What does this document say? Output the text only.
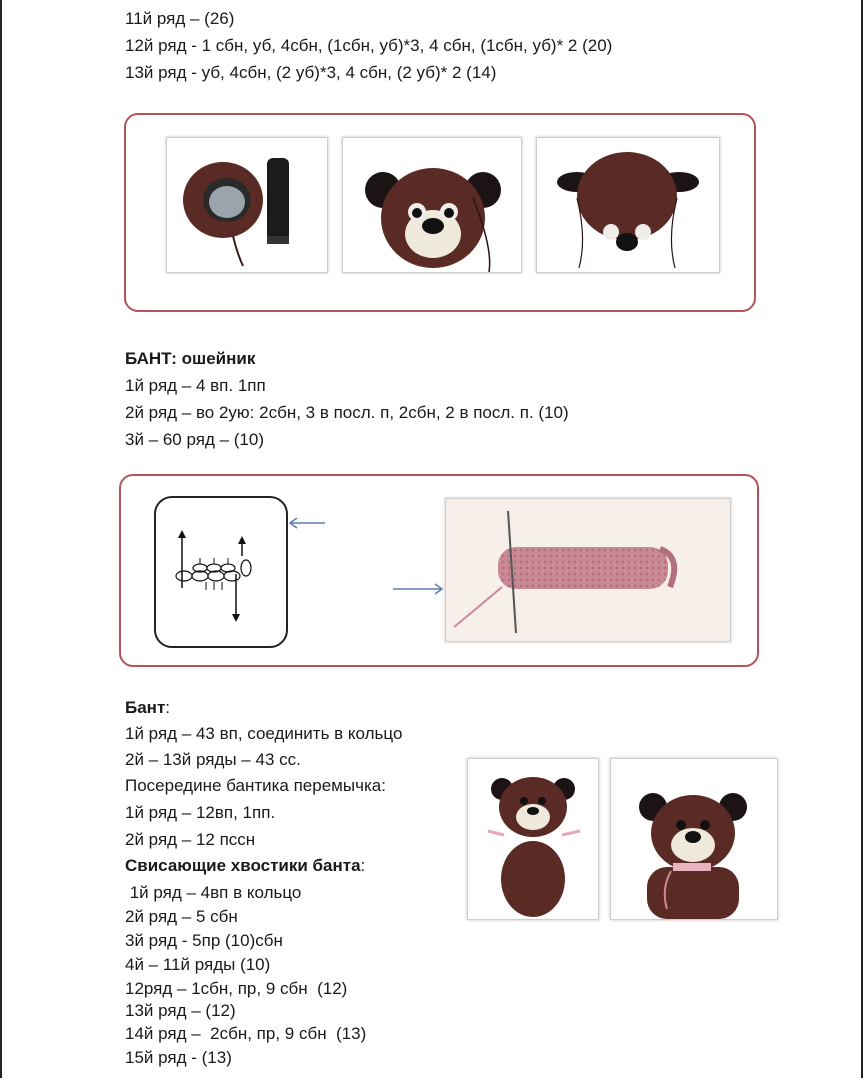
11й ряд – (26)
12й ряд - 1 сбн, уб, 4сбн, (1сбн, уб)*3, 4 сбн, (1сбн, уб)* 2 (20)
13й ряд - уб, 4сбн, (2 уб)*3, 4 сбн, (2 уб)* 2 (14)
БАНТ: ошейник
1й ряд – 4 вп. 1пп
2й ряд – во 2ую: 2сбн, 3 в посл. п, 2сбн, 2 в посл. п. (10)
3й – 60 ряд – (10)
Бант:
1й ряд – 43 вп, соединить в кольцо
2й – 13й ряды – 43 сс.
Посередине бантика перемычка:
1й ряд – 12вп, 1пп.
2й ряд – 12 пссн
Свисающие хвостики банта:
1й ряд – 4вп в кольцо
2й ряд – 5 сбн
3й ряд - 5пр (10)сбн
4й – 11й ряды (10)
12ряд – 1сбн, пр, 9 сбн  (12)
13й ряд – (12)
14й ряд –  2сбн, пр, 9 сбн  (13)
15й ряд - (13)
